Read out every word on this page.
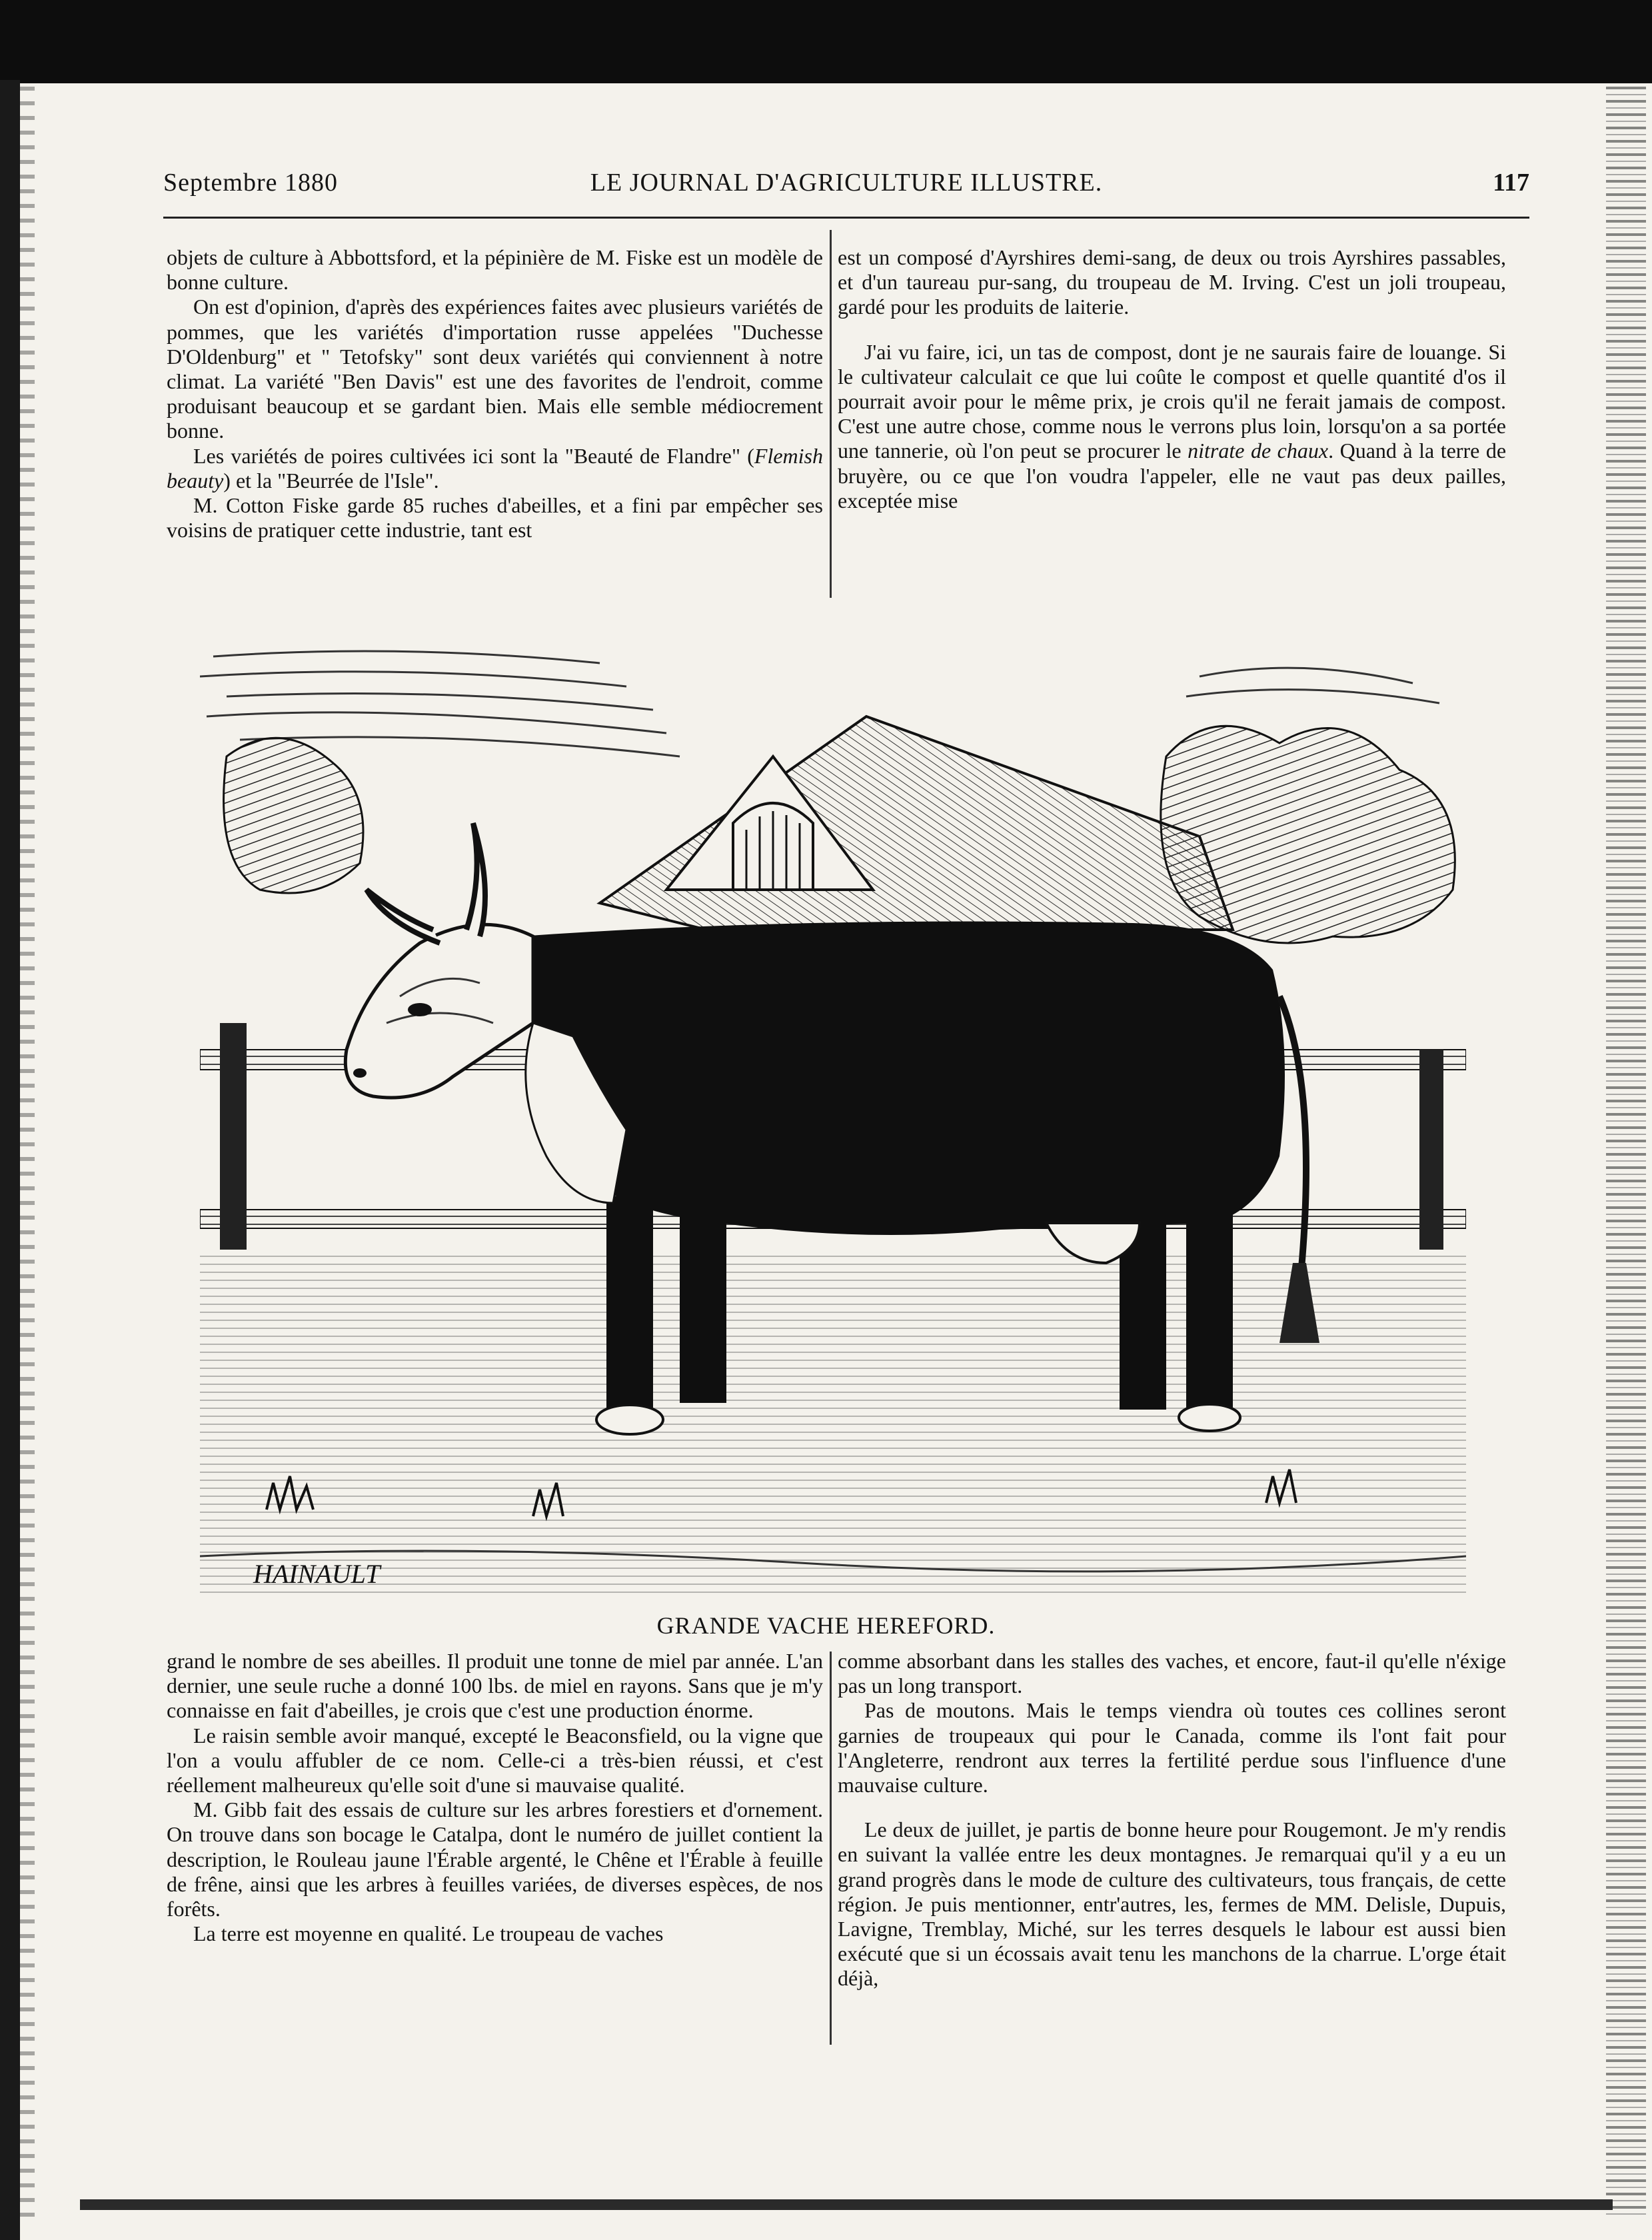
Septembre 1880	LE JOURNAL D'AGRICULTURE ILLUSTRE.	117

objets de culture à Abbottsford, et la pépinière de M. Fiske est un modèle de bonne culture.

On est d'opinion, d'après des expériences faites avec plusieurs variétés de pommes, que les variétés d'importation russe appelées "Duchesse D'Oldenburg" et " Tetofsky" sont deux variétés qui conviennent à notre climat. La variété "Ben Davis" est une des favorites de l'endroit, comme produisant beaucoup et se gardant bien. Mais elle semble médiocrement bonne.

Les variétés de poires cultivées ici sont la "Beauté de Flandre" (Flemish beauty) et la "Beurrée de l'Isle".

M. Cotton Fiske garde 85 ruches d'abeilles, et a fini par empêcher ses voisins de pratiquer cette industrie, tant est

est un composé d'Ayrshires demi-sang, de deux ou trois Ayrshires passables, et d'un taureau pur-sang, du troupeau de M. Irving. C'est un joli troupeau, gardé pour les produits de laiterie.

J'ai vu faire, ici, un tas de compost, dont je ne saurais faire de louange. Si le cultivateur calculait ce que lui coûte le compost et quelle quantité d'os il pourrait avoir pour le même prix, je crois qu'il ne ferait jamais de compost. C'est une autre chose, comme nous le verrons plus loin, lorsqu'on a sa portée une tannerie, où l'on peut se procurer le nitrate de chaux. Quand à la terre de bruyère, ou ce que l'on voudra l'appeler, elle ne vaut pas deux pailles, exceptée mise

HAINAULT
GRANDE VACHE HEREFORD.

grand le nombre de ses abeilles. Il produit une tonne de miel par année. L'an dernier, une seule ruche a donné 100 lbs. de miel en rayons. Sans que je m'y connaisse en fait d'abeilles, je crois que c'est une production énorme.

Le raisin semble avoir manqué, excepté le Beaconsfield, ou la vigne que l'on a voulu affubler de ce nom. Celle-ci a très-bien réussi, et c'est réellement malheureux qu'elle soit d'une si mauvaise qualité.

M. Gibb fait des essais de culture sur les arbres forestiers et d'ornement. On trouve dans son bocage le Catalpa, dont le numéro de juillet contient la description, le Rouleau jaune l'Érable argenté, le Chêne et l'Érable à feuille de frêne, ainsi que les arbres à feuilles variées, de diverses espèces, de nos forêts.

La terre est moyenne en qualité. Le troupeau de vaches

comme absorbant dans les stalles des vaches, et encore, faut-il qu'elle n'éxige pas un long transport.

Pas de moutons. Mais le temps viendra où toutes ces collines seront garnies de troupeaux qui pour le Canada, comme ils l'ont fait pour l'Angleterre, rendront aux terres la fertilité perdue sous l'influence d'une mauvaise culture.

Le deux de juillet, je partis de bonne heure pour Rougemont. Je m'y rendis en suivant la vallée entre les deux montagnes. Je remarquai qu'il y a eu un grand progrès dans le mode de culture des cultivateurs, tous français, de cette région. Je puis mentionner, entr'autres, les, fermes de MM. Delisle, Dupuis, Lavigne, Tremblay, Miché, sur les terres desquels le labour est aussi bien exécuté que si un écossais avait tenu les manchons de la charrue. L'orge était déjà,
